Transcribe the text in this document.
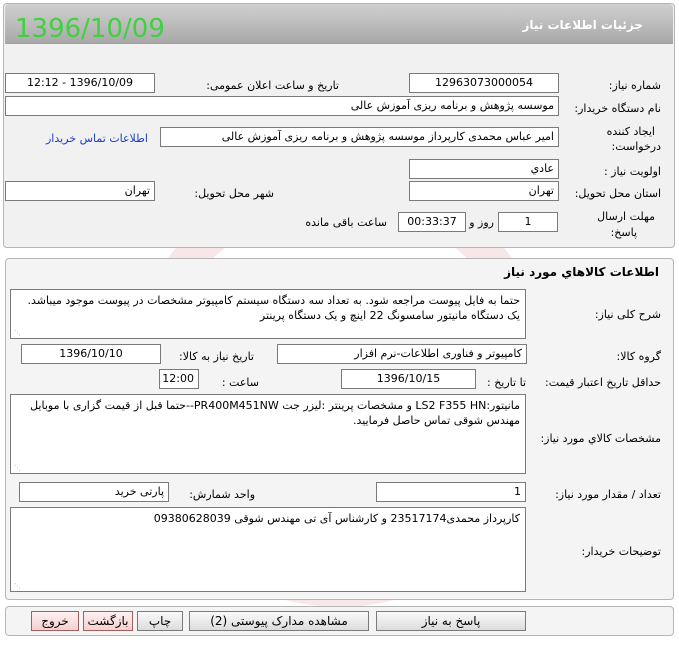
1396/10/09	جزئیات اطلاعات نیاز
شماره نیاز:
12963073000054
تاریخ و ساعت اعلان عمومی:
1396/10/09 - 12:12
نام دستگاه خریدار:
موسسه پژوهش و برنامه ریزی آموزش عالی
ایجاد کننده
درخواست:
امیر عباس محمدی کارپرداز موسسه پژوهش و برنامه ریزی آموزش عالی
اطلاعات تماس خریدار
اولویت نیاز :
عادي
استان محل تحویل:
تهران
شهر محل تحویل:
تهران
مهلت ارسال
پاسخ:
1
روز و
00:33:37
ساعت باقی مانده
اطلاعات کالاهاي مورد نياز
شرح کلی نیاز:
حتما به فایل پیوست مراجعه شود. به تعداد سه دستگاه سیستم کامپیوتر مشخصات در پیوست موجود میباشد. یک دستگاه مانیتور سامسونگ 22 اینچ و یک دستگاه پرینتر
⋰
گروه کالا:
کامپیوتر و فناوری اطلاعات-نرم افزار
تاریخ نیاز به کالا:
1396/10/10
حداقل تاریخ اعتبار قیمت:
تا تاریخ :
1396/10/15
ساعت :
12:00
مشخصات کالاي مورد نياز:
مانیتور:LS2 F355 HN و مشخصات پرینتر :لیزر جت PR400M451NW--حتما قبل از قیمت گزاری با موبایل مهندس شوقی تماس حاصل فرمایید.
⋰
تعداد / مقدار مورد نیاز:
1
واحد شمارش:
پارتی خرید
توضیحات خریدار:
کارپرداز محمدی23517174 و کارشناس آی تی مهندس شوقی 09380628039
⋰
پاسخ به نیاز
مشاهده مدارک پیوستی (2)
چاپ
بازگشت
خروج
